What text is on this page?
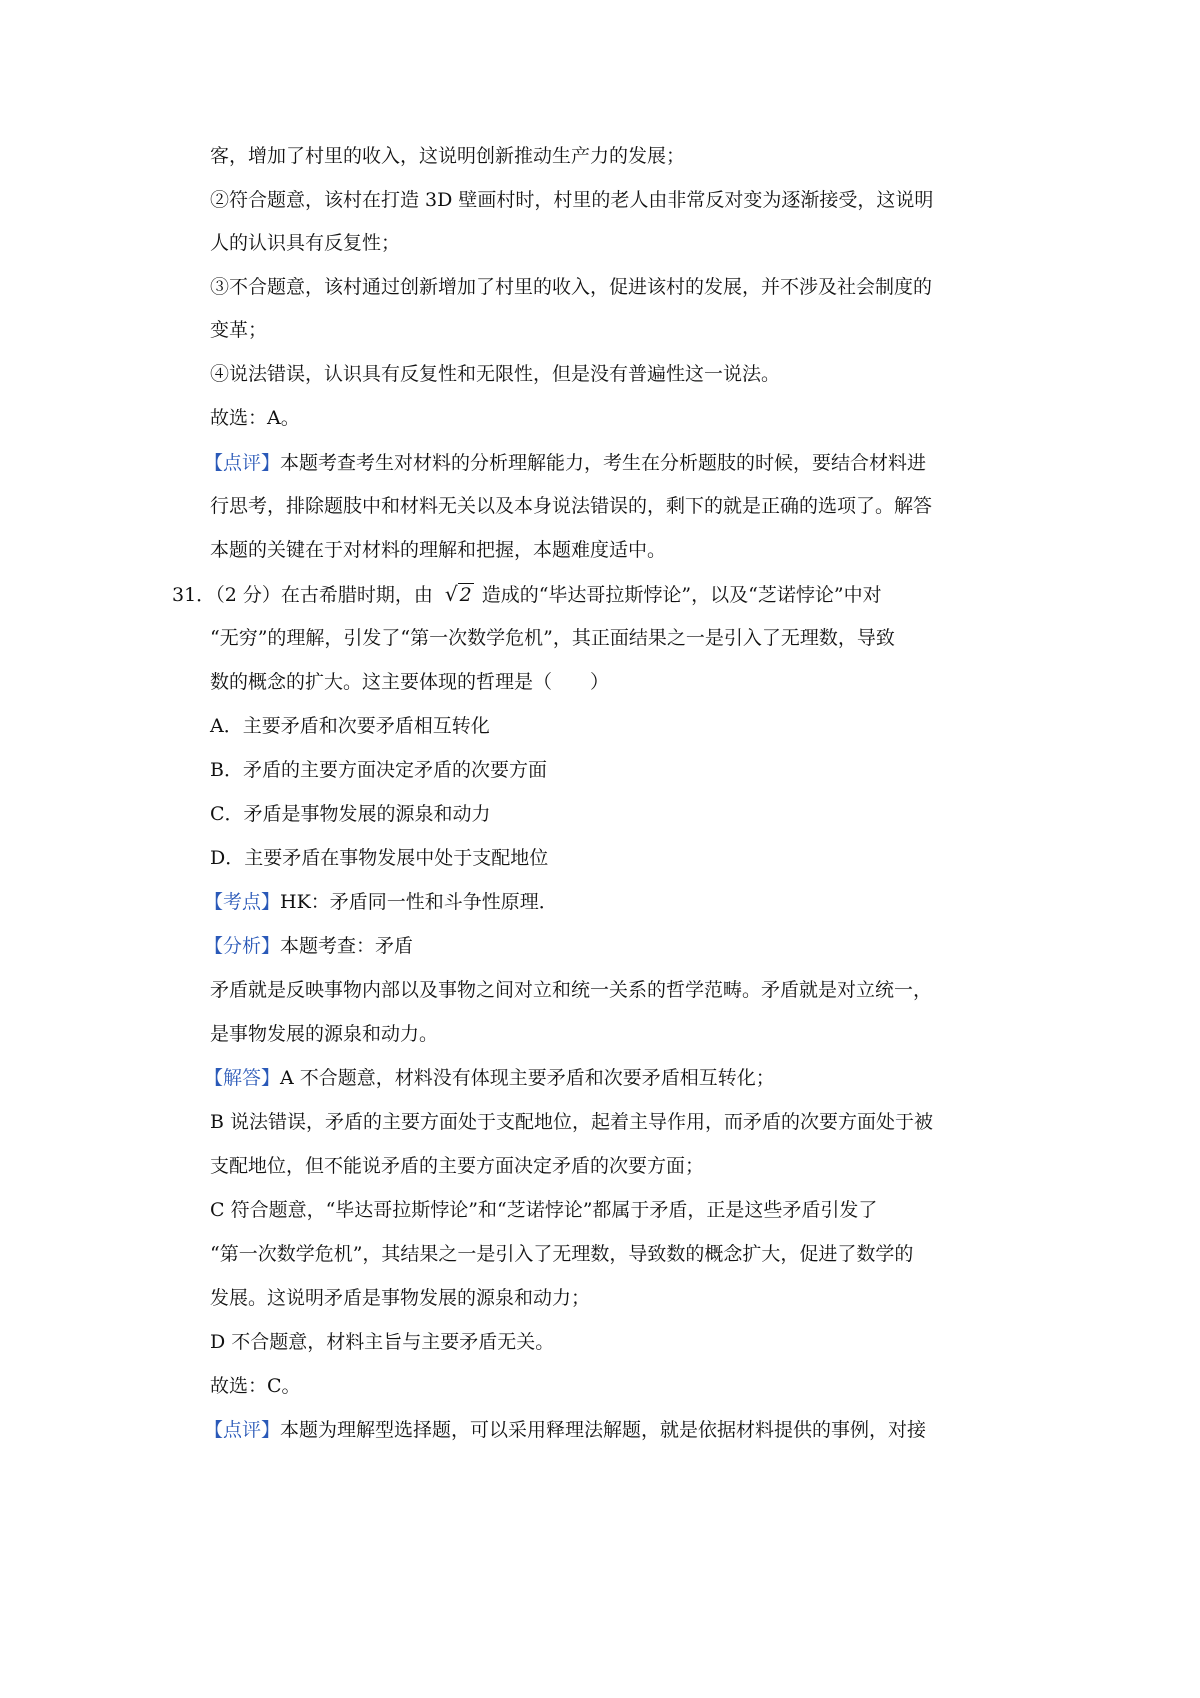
客，增加了村里的收入，这说明创新推动生产力的发展；
②符合题意，该村在打造 3D 壁画村时，村里的老人由非常反对变为逐渐接受，这说明
人的认识具有反复性；
③不合题意，该村通过创新增加了村里的收入，促进该村的发展，并不涉及社会制度的
变革；
④说法错误，认识具有反复性和无限性，但是没有普遍性这一说法。
故选：A。
【点评】本题考查考生对材料的分析理解能力，考生在分析题肢的时候，要结合材料进
行思考，排除题肢中和材料无关以及本身说法错误的，剩下的就是正确的选项了。解答
本题的关键在于对材料的理解和把握，本题难度适中。
31．（2 分）在古希腊时期，由 √ 2 造成的“毕达哥拉斯悖论”，以及“芝诺悖论”中对
“无穷”的理解，引发了“第一次数学危机”，其正面结果之一是引入了无理数，导致
数的概念的扩大。这主要体现的哲理是（　　）
A．主要矛盾和次要矛盾相互转化
B．矛盾的主要方面决定矛盾的次要方面
C．矛盾是事物发展的源泉和动力
D．主要矛盾在事物发展中处于支配地位
【考点】HK：矛盾同一性和斗争性原理．
【分析】本题考查：矛盾
矛盾就是反映事物内部以及事物之间对立和统一关系的哲学范畴。矛盾就是对立统一，
是事物发展的源泉和动力。
【解答】A 不合题意，材料没有体现主要矛盾和次要矛盾相互转化；
B 说法错误，矛盾的主要方面处于支配地位，起着主导作用，而矛盾的次要方面处于被
支配地位，但不能说矛盾的主要方面决定矛盾的次要方面；
C 符合题意，“毕达哥拉斯悖论”和“芝诺悖论”都属于矛盾，正是这些矛盾引发了
“第一次数学危机”，其结果之一是引入了无理数，导致数的概念扩大，促进了数学的
发展。这说明矛盾是事物发展的源泉和动力；
D 不合题意，材料主旨与主要矛盾无关。
故选：C。
【点评】本题为理解型选择题，可以采用释理法解题，就是依据材料提供的事例，对接
